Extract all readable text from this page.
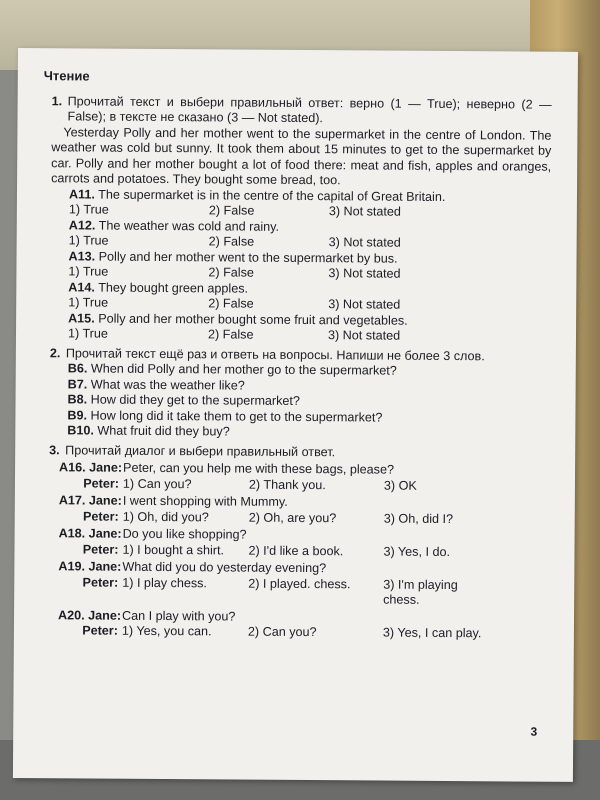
Чтение
1. Прочитай текст и выбери правильный ответ: верно (1 — True); неверно (2 — False); в тексте не сказано (3 — Not stated).
Yesterday Polly and her mother went to the supermarket in the centre of London. The weather was cold but sunny. It took them about 15 minutes to get to the supermarket by car. Polly and her mother bought a lot of food there: meat and fish, apples and oranges, carrots and potatoes. They bought some bread, too.
A11. The supermarket is in the centre of the capital of Great Britain.
1) True	2) False	3) Not stated
A12. The weather was cold and rainy.
1) True	2) False	3) Not stated
A13. Polly and her mother went to the supermarket by bus.
1) True	2) False	3) Not stated
A14. They bought green apples.
1) True	2) False	3) Not stated
A15. Polly and her mother bought some fruit and vegetables.
1) True	2) False	3) Not stated
2. Прочитай текст ещё раз и ответь на вопросы. Напиши не более 3 слов.
B6. When did Polly and her mother go to the supermarket?
B7. What was the weather like?
B8. How did they get to the supermarket?
B9. How long did it take them to get to the supermarket?
B10. What fruit did they buy?
3. Прочитай диалог и выбери правильный ответ.
A16. Jane: Peter, can you help me with these bags, please?
Peter: 1) Can you?	2) Thank you.	3) OK
A17. Jane: I went shopping with Mummy.
Peter: 1) Oh, did you?	2) Oh, are you?	3) Oh, did I?
A18. Jane: Do you like shopping?
Peter: 1) I bought a shirt.	2) I'd like a book.	3) Yes, I do.
A19. Jane: What did you do yesterday evening?
Peter: 1) I play chess.	2) I played. chess.	3) I'm playing chess.
A20. Jane: Can I play with you?
Peter: 1) Yes, you can.	2) Can you?	3) Yes, I can play.
3
